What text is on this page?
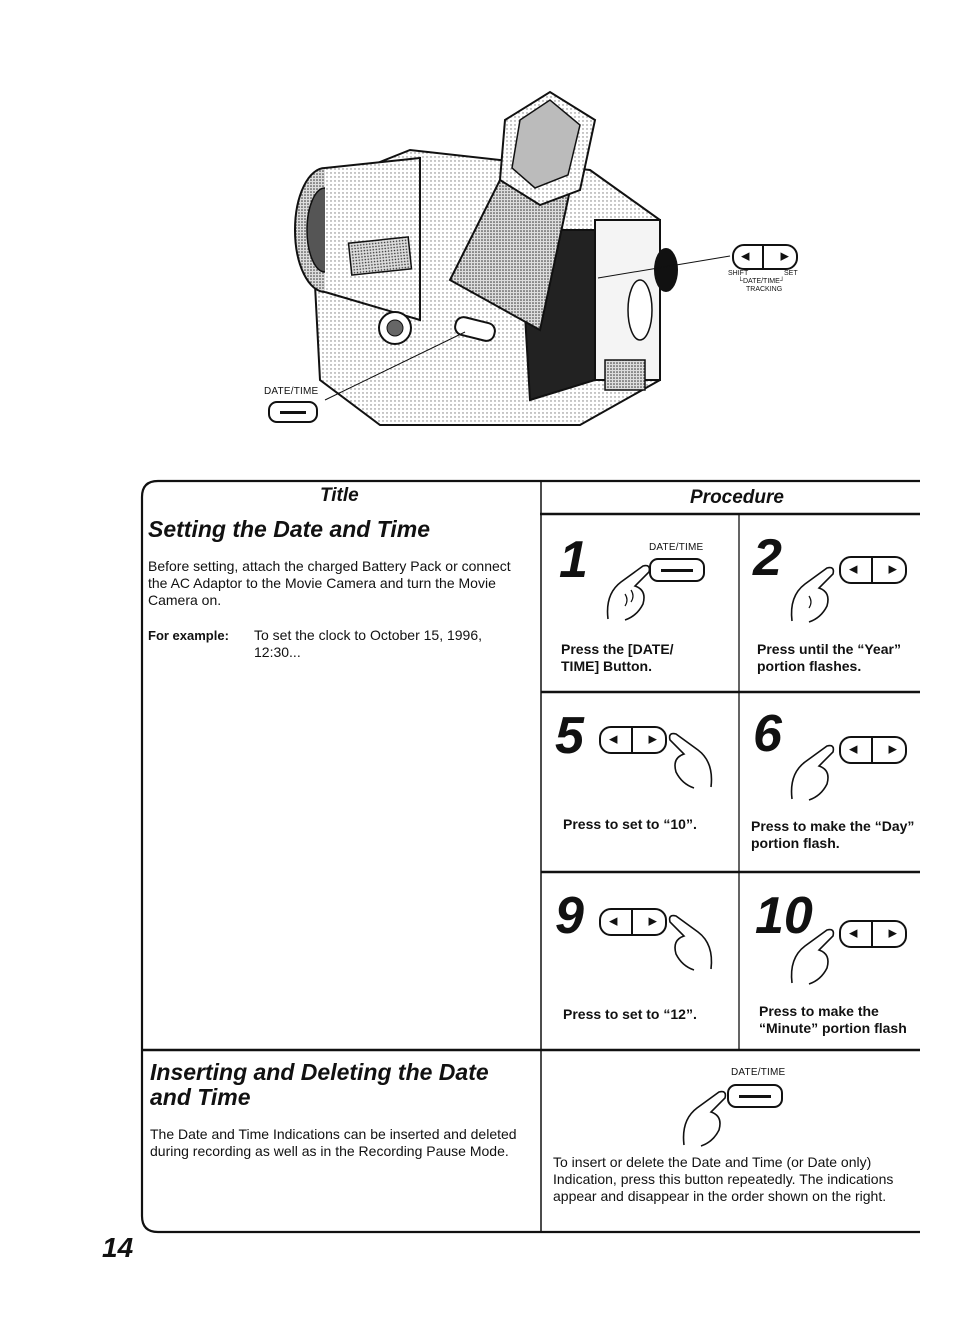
DATE/TIME
◀	▶
SHIFT	SET
└DATE/TIME┘
TRACKING
Title	Procedure
Setting the Date and Time
Before setting, attach the charged Battery Pack or connect the AC Adaptor to the Movie Camera and turn the Movie Camera on.
For example: To set the clock to October 15, 1996,
12:30...
1	DATE/TIME
Press the [DATE/ TIME] Button.
2	◀	▶
Press until the “Year” portion flashes.
5 ◀	▶
Press to set to “10”.
6	◀	▶
Press to make the “Day” portion flash.
9 ◀	▶
Press to set to “12”.
10	◀	▶
Press to make the “Minute” portion flash
Inserting and Deleting the Date and Time
The Date and Time Indications can be inserted and deleted during recording as well as in the Recording Pause Mode.
DATE/TIME
To insert or delete the Date and Time (or Date only) Indication, press this button repeatedly. The indications appear and disappear in the order shown on the right.
14
